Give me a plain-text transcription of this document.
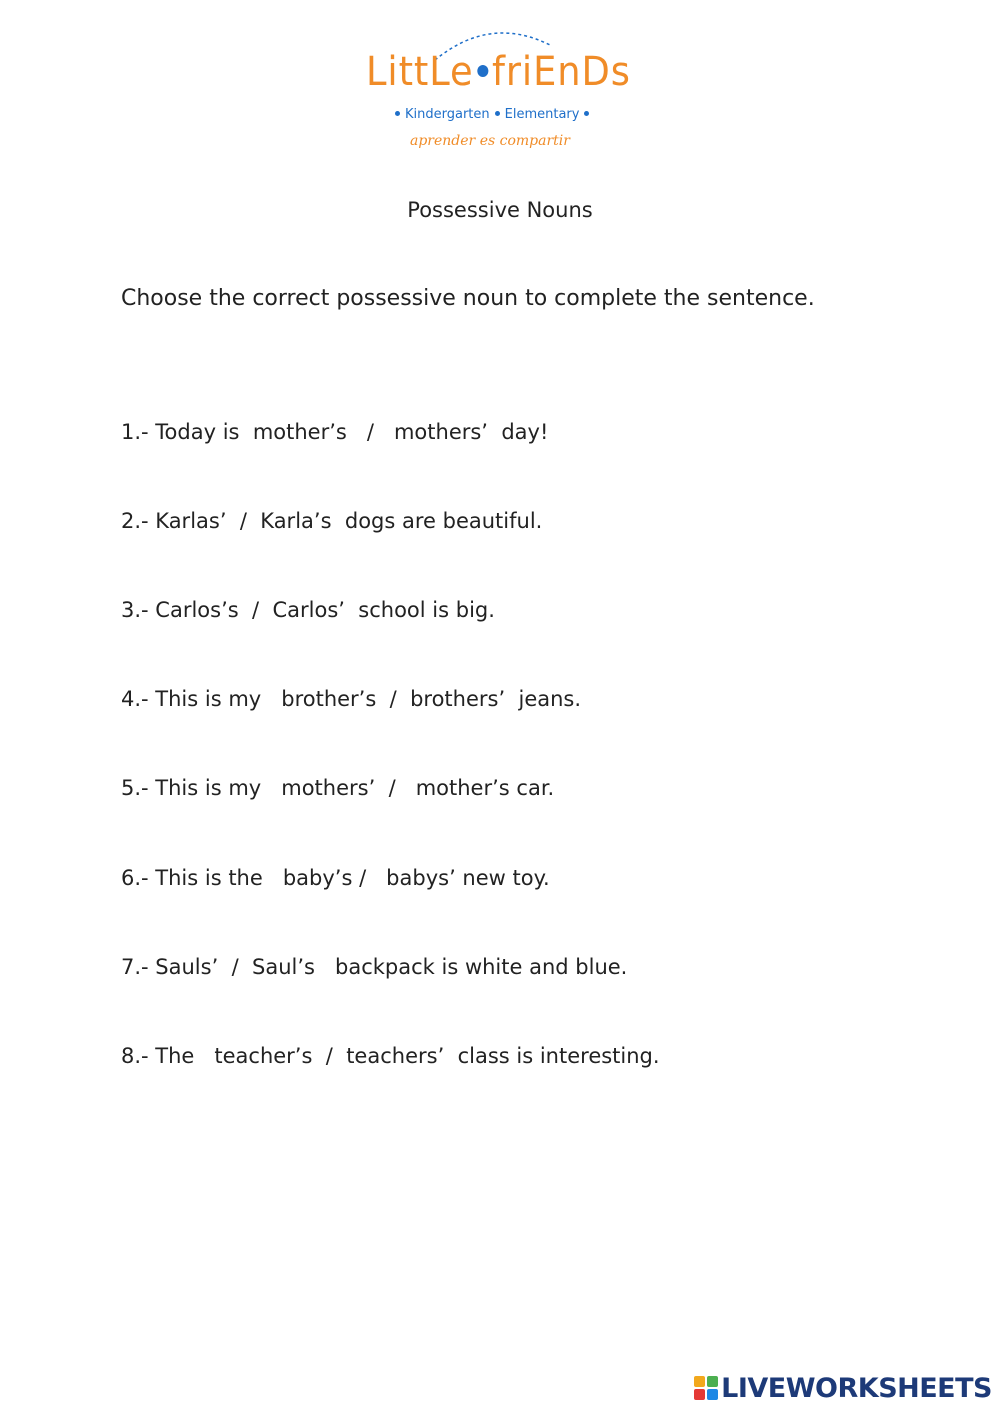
LittLe friEnDs
Kindergarten Elementary
aprender es compartir
Possessive Nouns
Choose the correct possessive noun to complete the sentence.
1.- Today is  mother’s   /   mothers’  day!
2.- Karlas’  /  Karla’s  dogs are beautiful.
3.- Carlos’s  /  Carlos’  school is big.
4.- This is my   brother’s  /  brothers’  jeans.
5.- This is my   mothers’  /   mother’s car.
6.- This is the   baby’s /   babys’ new toy.
7.- Sauls’  /  Saul’s   backpack is white and blue.
8.- The   teacher’s  /  teachers’  class is interesting.
LIVEWORKSHEETS
